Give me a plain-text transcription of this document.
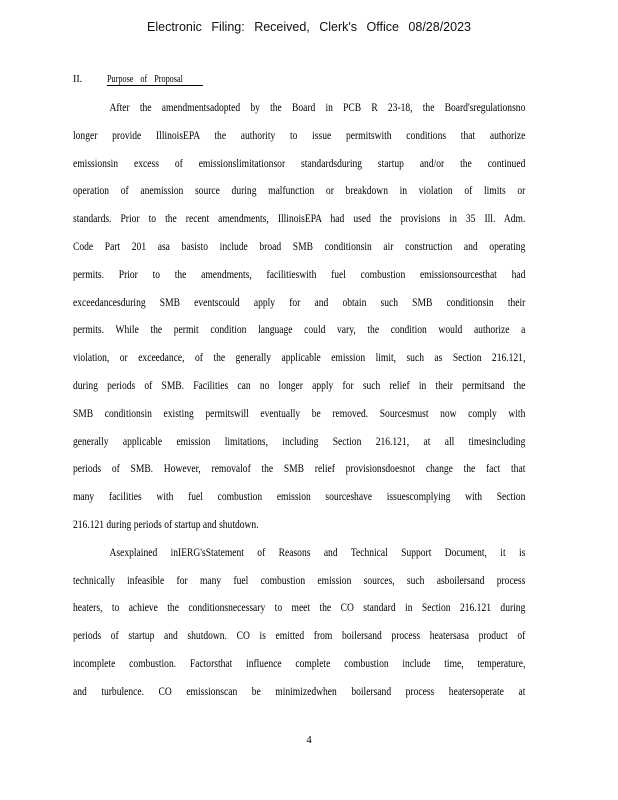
Electronic Filing: Received, Clerk's Office 08/28/2023
II. Purpose of Proposal
After the amendmentsadopted by the Board in PCB R 23-18, the Board'sregulationsno
longer provide IllinoisEPA the authority to issue permitswith conditions that authorize
emissionsin excess of emissionslimitationsor standardsduring startup and/or the continued
operation of anemission source during malfunction or breakdown in violation of limits or
standards. Prior to the recent amendments, IllinoisEPA had used the provisions in 35 Ill. Adm.
Code Part 201 asa basisto include broad SMB conditionsin air construction and operating
permits. Prior to the amendments, facilitieswith fuel combustion emissionsourcesthat had
exceedancesduring SMB eventscould apply for and obtain such SMB conditionsin their
permits. While the permit condition language could vary, the condition would authorize a
violation, or exceedance, of the generally applicable emission limit, such as Section 216.121,
during periods of SMB. Facilities can no longer apply for such relief in their permitsand the
SMB conditionsin existing permitswill eventually be removed. Sourcesmust now comply with
generally applicable emission limitations, including Section 216.121, at all timesincluding
periods of SMB. However, removalof the SMB relief provisionsdoesnot change the fact that
many facilities with fuel combustion emission sourceshave issuescomplying with Section
216.121 during periods of startup and shutdown.
Asexplained inIERG'sStatement of Reasons and Technical Support Document, it is
technically infeasible for many fuel combustion emission sources, such asboilersand process
heaters, to achieve the conditionsnecessary to meet the CO standard in Section 216.121 during
periods of startup and shutdown. CO is emitted from boilersand process heatersasa product of
incomplete combustion. Factorsthat influence complete combustion include time, temperature,
and turbulence. CO emissionscan be minimizedwhen boilersand process heatersoperate at
4
